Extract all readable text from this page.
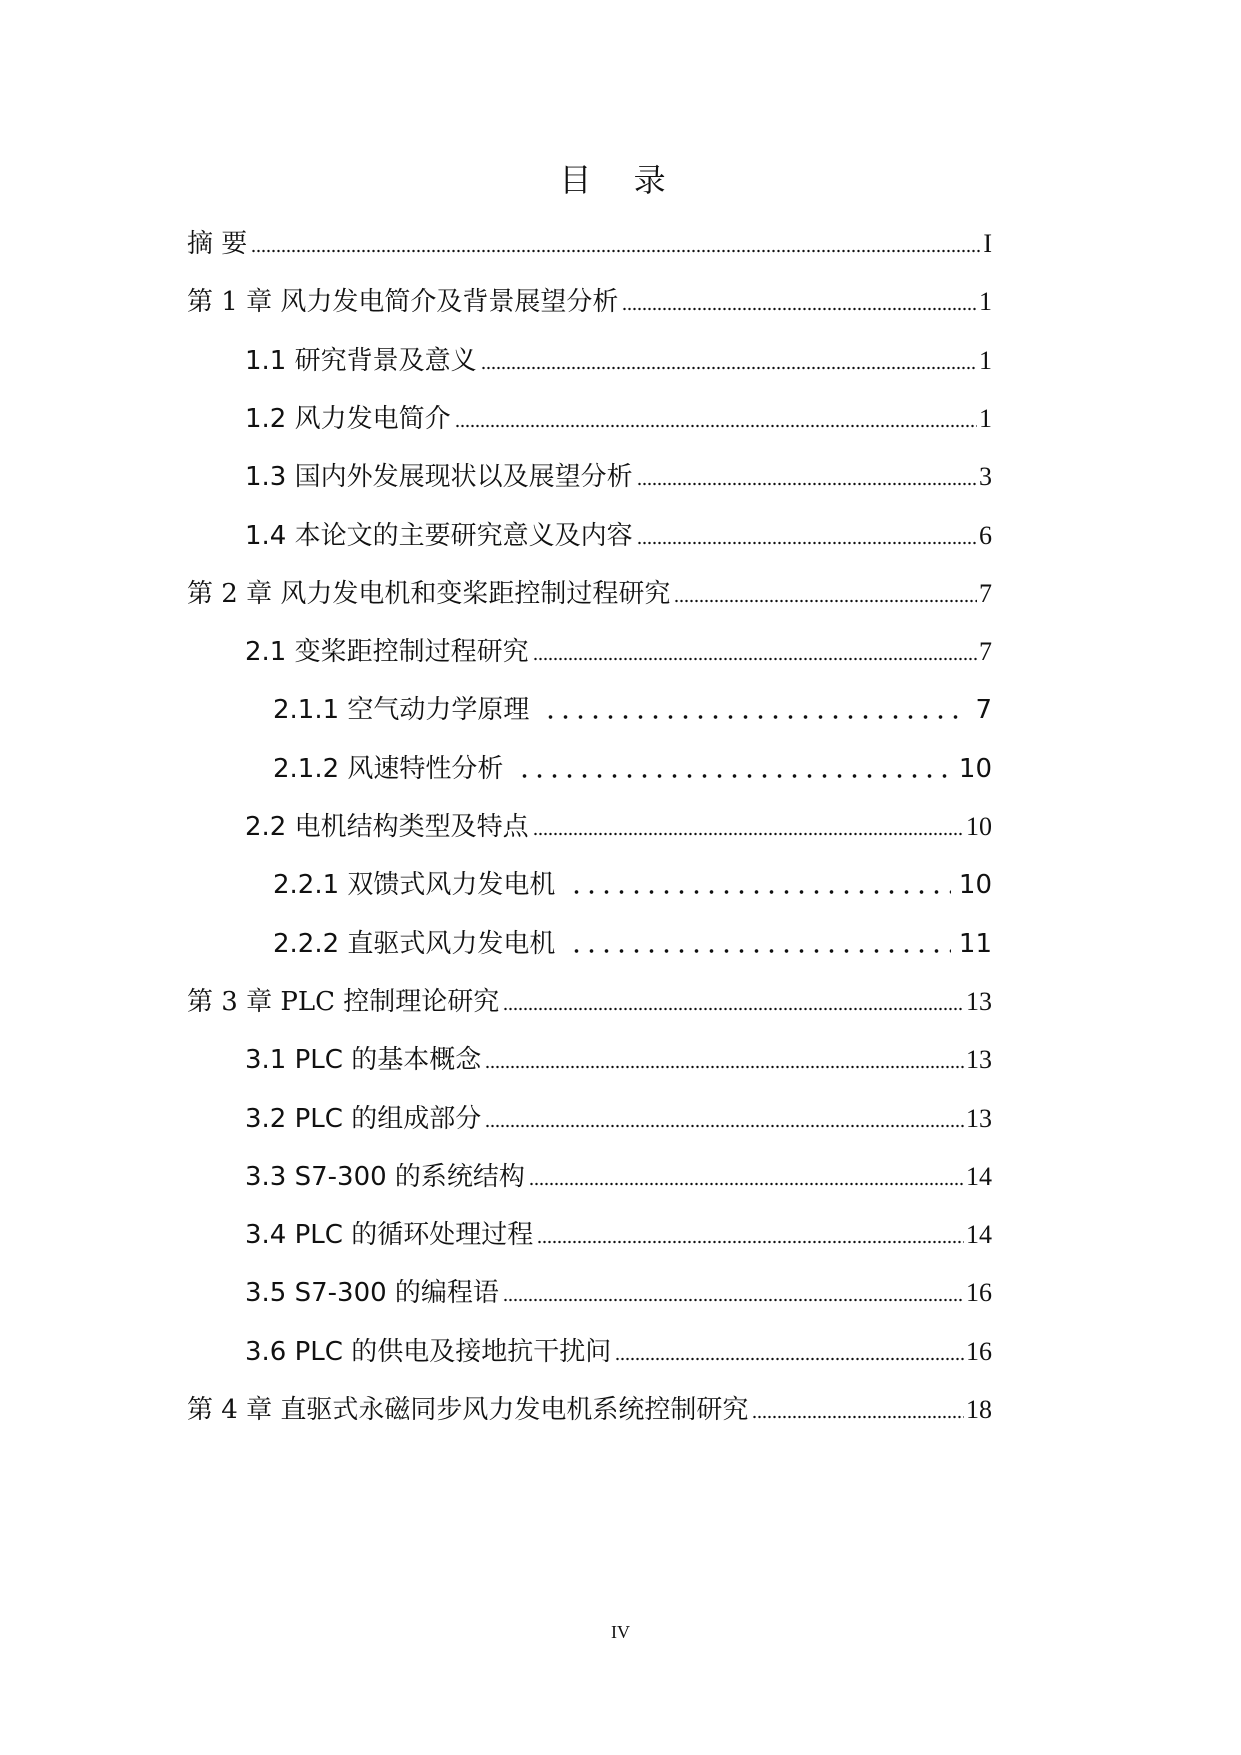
目 录
摘 要	I
第 1 章 风力发电简介及背景展望分析	1
1.1 研究背景及意义	1
1.2 风力发电简介	1
1.3 国内外发展现状以及展望分析	3
1.4 本论文的主要研究意义及内容	6
第 2 章 风力发电机和变桨距控制过程研究	7
2.1 变桨距控制过程研究	7
2.1.1 空气动力学原理	7
2.1.2 风速特性分析	10
2.2 电机结构类型及特点	10
2.2.1 双馈式风力发电机	10
2.2.2 直驱式风力发电机	11
第 3 章 PLC 控制理论研究	13
3.1 PLC 的基本概念	13
3.2 PLC 的组成部分	13
3.3 S7-300 的系统结构	14
3.4 PLC 的循环处理过程	14
3.5 S7-300 的编程语	16
3.6 PLC 的供电及接地抗干扰问	16
第 4 章 直驱式永磁同步风力发电机系统控制研究	18
IV
